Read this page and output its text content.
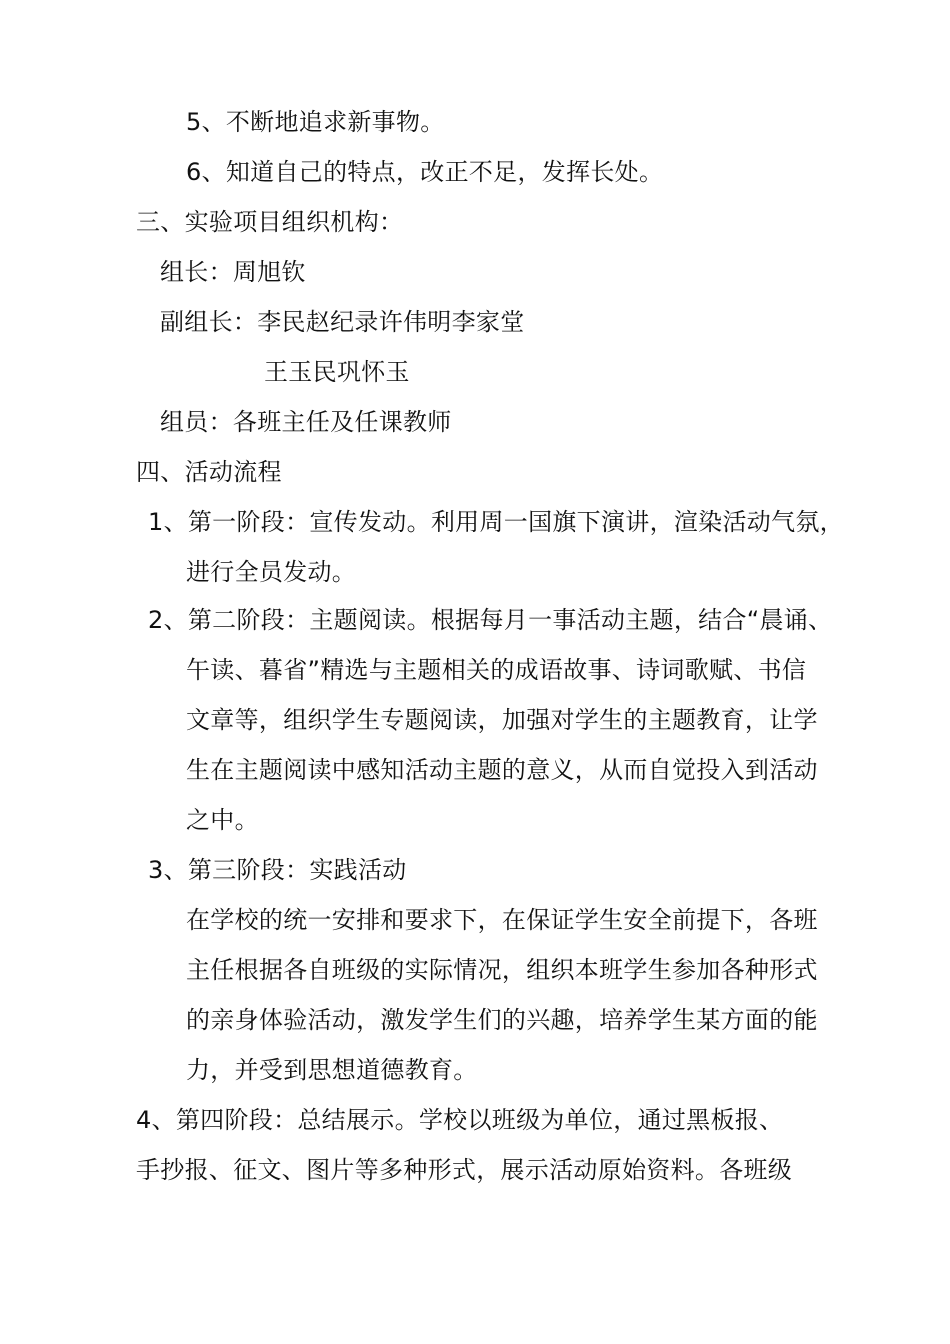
5、不断地追求新事物。
6、知道自己的特点，改正不足，发挥长处。
三、实验项目组织机构：
组长：周旭钦
副组长：李民赵纪录许伟明李家堂
王玉民巩怀玉
组员：各班主任及任课教师
四、活动流程
1、第一阶段：宣传发动。利用周一国旗下演讲，渲染活动气氛，
进行全员发动。
2、第二阶段：主题阅读。根据每月一事活动主题，结合“晨诵、
午读、暮省”精选与主题相关的成语故事、诗词歌赋、书信
文章等，组织学生专题阅读，加强对学生的主题教育，让学
生在主题阅读中感知活动主题的意义，从而自觉投入到活动
之中。
3、第三阶段：实践活动
在学校的统一安排和要求下，在保证学生安全前提下，各班
主任根据各自班级的实际情况，组织本班学生参加各种形式
的亲身体验活动，激发学生们的兴趣，培养学生某方面的能
力，并受到思想道德教育。
4、第四阶段：总结展示。学校以班级为单位，通过黑板报、
手抄报、征文、图片等多种形式，展示活动原始资料。各班级
